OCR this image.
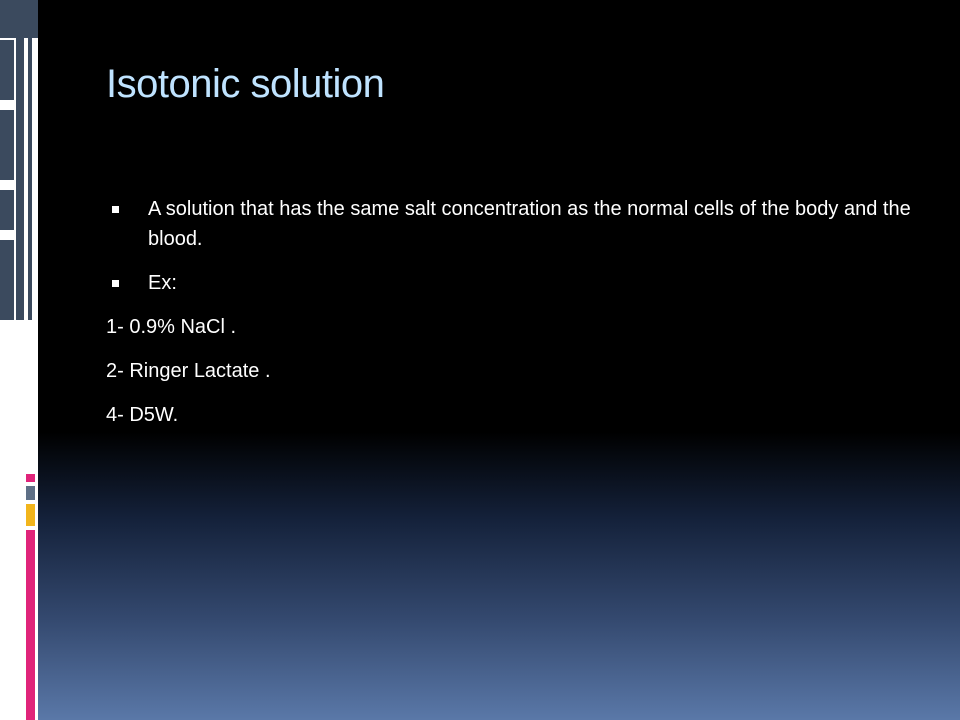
Isotonic solution
A solution that has the same salt concentration as the normal cells of the body and the blood.
Ex:
1- 0.9% NaCl .
2- Ringer Lactate .
4- D5W.
